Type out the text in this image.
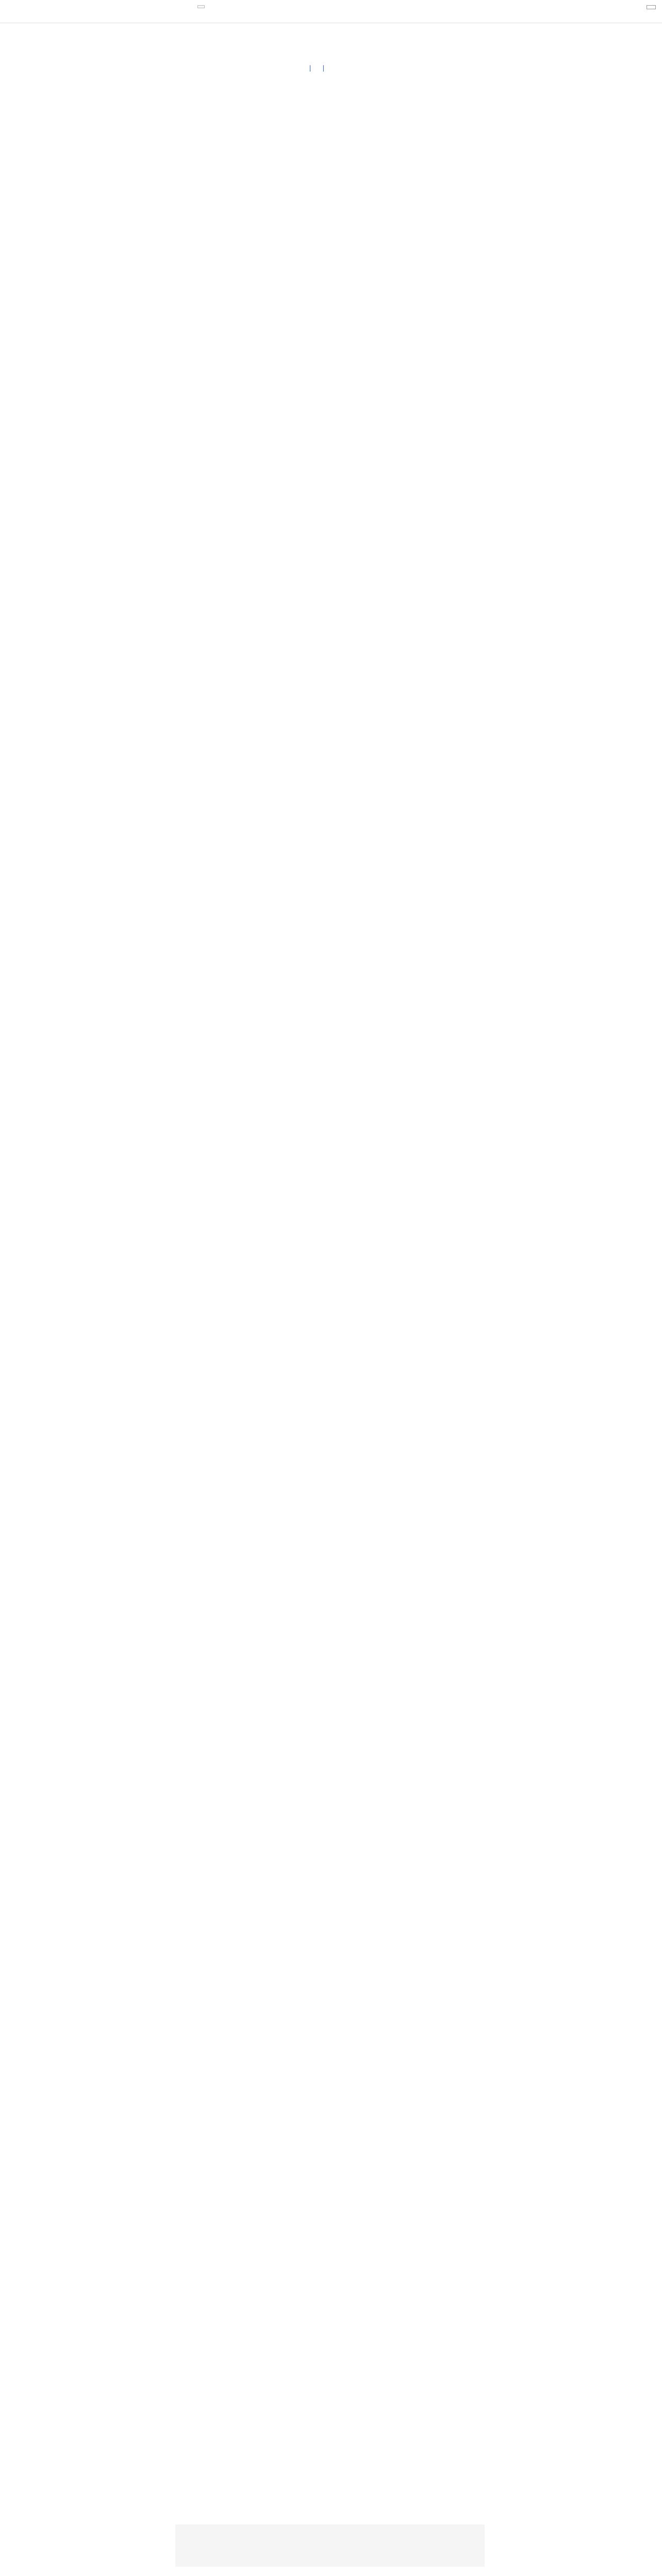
| |
